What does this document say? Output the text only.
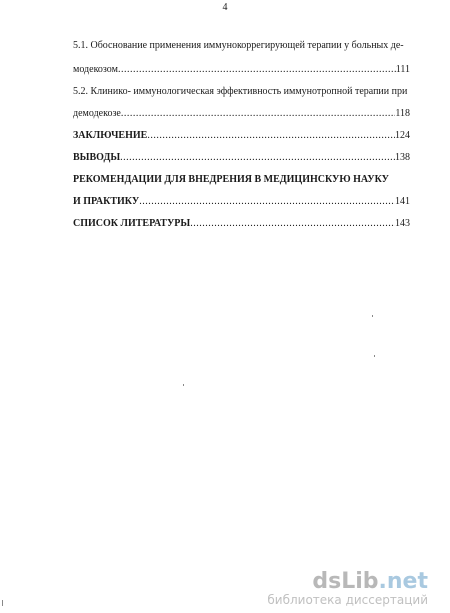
4
5.1. Обоснование применения иммунокоррегирующей терапии у больных де-
модекозом .....	111
5.2. Клинико- иммунологическая эффективность иммунотропной терапии при
демодекозе .....	118
ЗАКЛЮЧЕНИЕ .....	124
ВЫВОДЫ .....	138
РЕКОМЕНДАЦИИ ДЛЯ ВНЕДРЕНИЯ В МЕДИЦИНСКУЮ НАУКУ
И ПРАКТИКУ .....	141
СПИСОК ЛИТЕРАТУРЫ .....	143
dsLib.net
библиотека диссертаций
